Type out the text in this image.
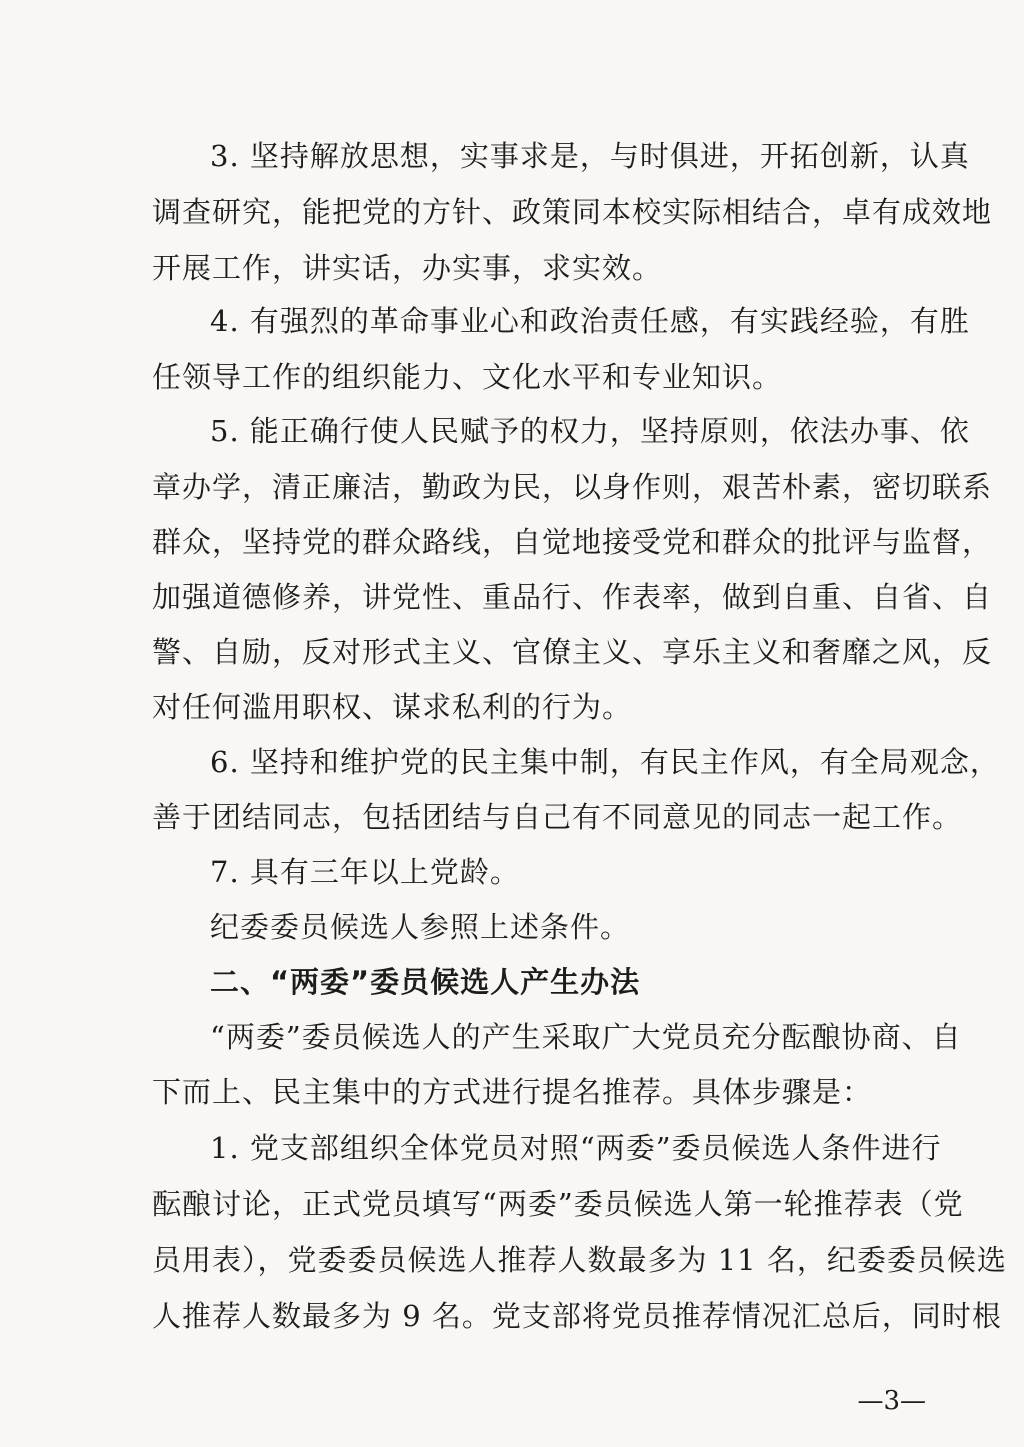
3. 坚持解放思想，实事求是，与时俱进，开拓创新，认真
调查研究，能把党的方针、政策同本校实际相结合，卓有成效地
开展工作，讲实话，办实事，求实效。
4. 有强烈的革命事业心和政治责任感，有实践经验，有胜
任领导工作的组织能力、文化水平和专业知识。
5. 能正确行使人民赋予的权力，坚持原则，依法办事、依
章办学，清正廉洁，勤政为民，以身作则，艰苦朴素，密切联系
群众，坚持党的群众路线，自觉地接受党和群众的批评与监督，
加强道德修养，讲党性、重品行、作表率，做到自重、自省、自
警、自励，反对形式主义、官僚主义、享乐主义和奢靡之风，反
对任何滥用职权、谋求私利的行为。
6. 坚持和维护党的民主集中制，有民主作风，有全局观念，
善于团结同志，包括团结与自己有不同意见的同志一起工作。
7. 具有三年以上党龄。
纪委委员候选人参照上述条件。
二、“两委”委员候选人产生办法
“两委”委员候选人的产生采取广大党员充分酝酿协商、自
下而上、民主集中的方式进行提名推荐。具体步骤是：
1. 党支部组织全体党员对照“两委”委员候选人条件进行
酝酿讨论，正式党员填写“两委”委员候选人第一轮推荐表（党
员用表），党委委员候选人推荐人数最多为 11 名，纪委委员候选
人推荐人数最多为 9 名。党支部将党员推荐情况汇总后，同时根
—3—
